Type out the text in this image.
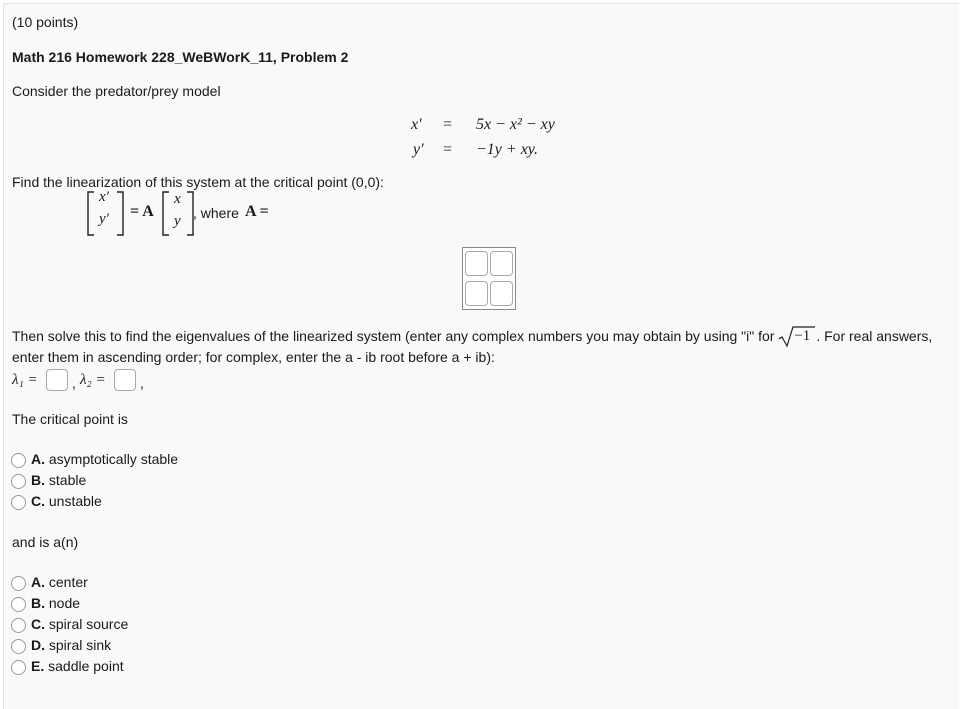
(10 points)
Math 216 Homework 228_WeBWorK_11, Problem 2
Consider the predator/prey model
x′ = 5x − x² − xy
y′ = −1y + xy.
Find the linearization of this system at the critical point (0,0):
x′
y′ = A
x
y , where A =
Then solve this to find the eigenvalues of the linearized system (enter any complex numbers you may obtain by using "i" for −1 . For real answers,
enter them in ascending order; for complex, enter the a - ib root before a + ib):
λ₁ = , λ₂ = ,
The critical point is
A. asymptotically stable
B. stable
C. unstable
and is a(n)
A. center
B. node
C. spiral source
D. spiral sink
E. saddle point
